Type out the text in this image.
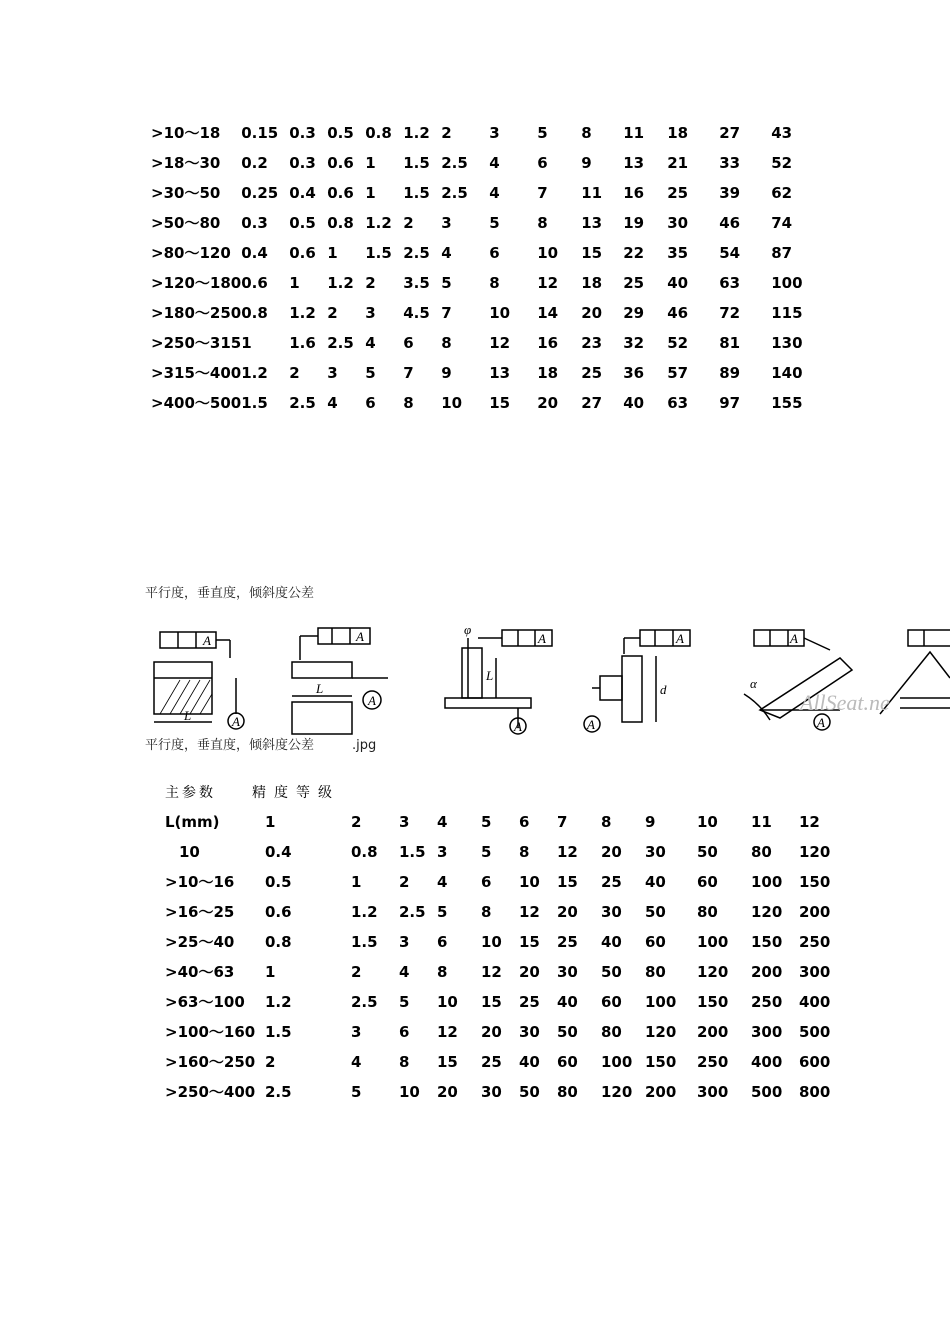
>10～18	0.15	0.3	0.5	0.8	1.2	2	3	5	8	11	18	27	43
>18～30	0.2	0.3	0.6	1	1.5	2.5	4	6	9	13	21	33	52
>30～50	0.25	0.4	0.6	1	1.5	2.5	4	7	11	16	25	39	62
>50～80	0.3	0.5	0.8	1.2	2	3	5	8	13	19	30	46	74
>80～120	0.4	0.6	1	1.5	2.5	4	6	10	15	22	35	54	87
>120～180	0.6	1	1.2	2	3.5	5	8	12	18	25	40	63	100
>180～250	0.8	1.2	2	3	4.5	7	10	14	20	29	46	72	115
>250～315	1	1.6	2.5	4	6	8	12	16	23	32	52	81	130
>315～400	1.2	2	3	5	7	9	13	18	25	36	57	89	140
>400～500	1.5	2.5	4	6	8	10	15	20	27	40	63	97	155
平行度，垂直度，倾斜度公差
A
L	A
A
L
A
φ
A
L
A
A
d
A
A
α
A
AllSeat.ne
平行度，垂直度，倾斜度公差	.jpg
主参数	精度等级
L(mm)	1	2	3	4	5	6	7	8	9	10	11	12
10	0.4	0.8	1.5	3	5	8	12	20	30	50	80	120
>10～16	0.5	1	2	4	6	10	15	25	40	60	100	150
>16～25	0.6	1.2	2.5	5	8	12	20	30	50	80	120	200
>25～40	0.8	1.5	3	6	10	15	25	40	60	100	150	250
>40～63	1	2	4	8	12	20	30	50	80	120	200	300
>63～100	1.2	2.5	5	10	15	25	40	60	100	150	250	400
>100～160	1.5	3	6	12	20	30	50	80	120	200	300	500
>160～250	2	4	8	15	25	40	60	100	150	250	400	600
>250～400	2.5	5	10	20	30	50	80	120	200	300	500	800
